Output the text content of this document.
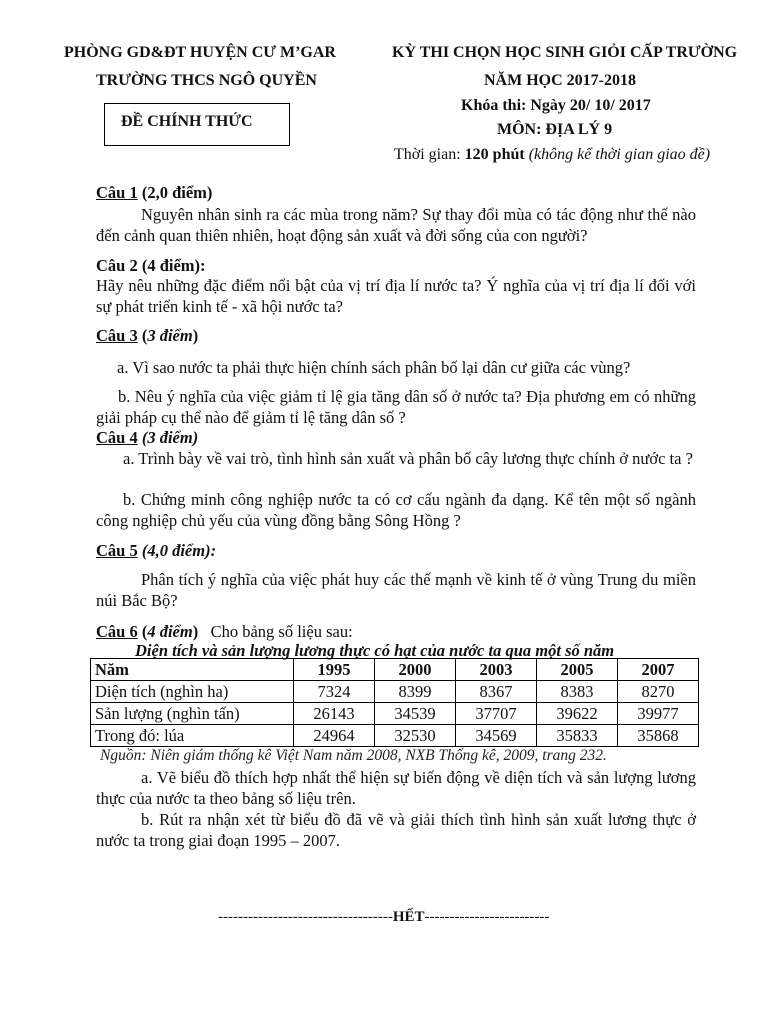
PHÒNG GD&ĐT HUYỆN CƯ M’GAR
TRƯỜNG THCS NGÔ QUYỀN
KỲ THI CHỌN HỌC SINH GIỎI CẤP TRƯỜNG
NĂM HỌC 2017-2018
Khóa thi: Ngày 20/ 10/ 2017
MÔN: ĐỊA LÝ 9
Thời gian: 120 phút (không kể thời gian giao đề)
ĐỀ CHÍNH THỨC
Câu 1 (2,0 điểm)
Nguyên nhân sinh ra các mùa trong năm? Sự thay đổi mùa có tác động như thế nào đến cảnh quan thiên nhiên, hoạt động sản xuất và đời sống của con người?
Câu 2 (4 điểm):
Hãy nêu những đặc điểm nổi bật của vị trí địa lí nước ta? Ý nghĩa của vị trí địa lí đối với sự phát triển kinh tế - xã hội nước ta?
Câu 3 (3 điểm)
a. Vì sao nước ta phải thực hiện chính sách phân bố lại dân cư giữa các vùng?
b. Nêu ý nghĩa của việc giảm tỉ lệ gia tăng dân số ở nước ta? Địa phương em có những giải pháp cụ thể nào để giảm tỉ lệ tăng dân số ?
Câu 4 (3 điểm)
a. Trình bày về vai trò, tình hình sản xuất và phân bố cây lương thực chính ở nước ta ?
b. Chứng minh công nghiệp nước ta có cơ cấu ngành đa dạng. Kể tên một số ngành công nghiệp chủ yếu của vùng đồng bằng Sông Hồng ?
Câu 5 (4,0 điểm):
Phân tích ý nghĩa của việc phát huy các thế mạnh về kinh tế ở vùng Trung du miền núi Bắc Bộ?
Câu 6 (4 điểm) Cho bảng số liệu sau:
Diện tích và sản lượng lương thực có hạt của nước ta qua một số năm
Năm	1995	2000	2003	2005	2007
Diện tích (nghìn ha)	7324	8399	8367	8383	8270
Sản lượng (nghìn tấn)	26143	34539	37707	39622	39977
Trong đó: lúa	24964	32530	34569	35833	35868
Nguồn: Niên giám thống kê Việt Nam năm 2008, NXB Thống kê, 2009, trang 232.
a. Vẽ biểu đồ thích hợp nhất thể hiện sự biến động về diện tích và sản lượng lương thực của nước ta theo bảng số liệu trên.
b. Rút ra nhận xét từ biểu đồ đã vẽ và giải thích tình hình sản xuất lương thực ở nước ta trong giai đoạn 1995 – 2007.
-----------------------------------HẾT-------------------------
